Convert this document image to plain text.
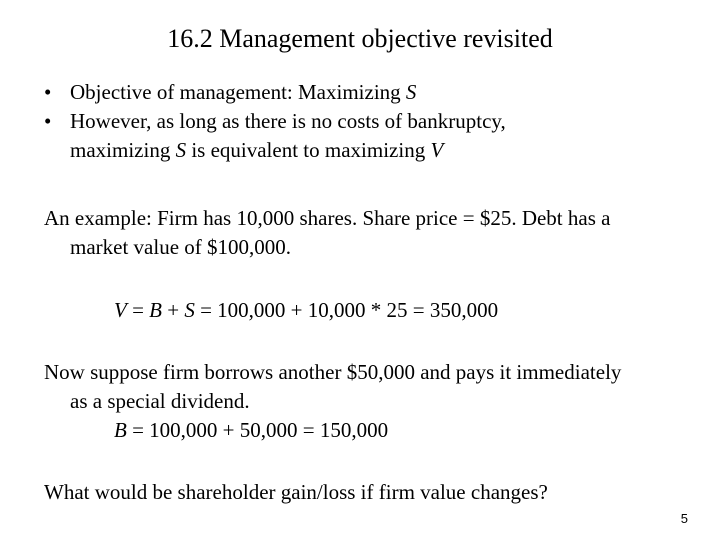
16.2 Management objective revisited
• Objective of management: Maximizing S
• However, as long as there is no costs of bankruptcy,
maximizing S is equivalent to maximizing V
An example: Firm has 10,000 shares. Share price = $25. Debt has a
market value of $100,000.
V = B + S = 100,000 + 10,000 * 25 = 350,000
Now suppose firm borrows another $50,000 and pays it immediately
as a special dividend.
B = 100,000 + 50,000 = 150,000
What would be shareholder gain/loss if firm value changes?
5
